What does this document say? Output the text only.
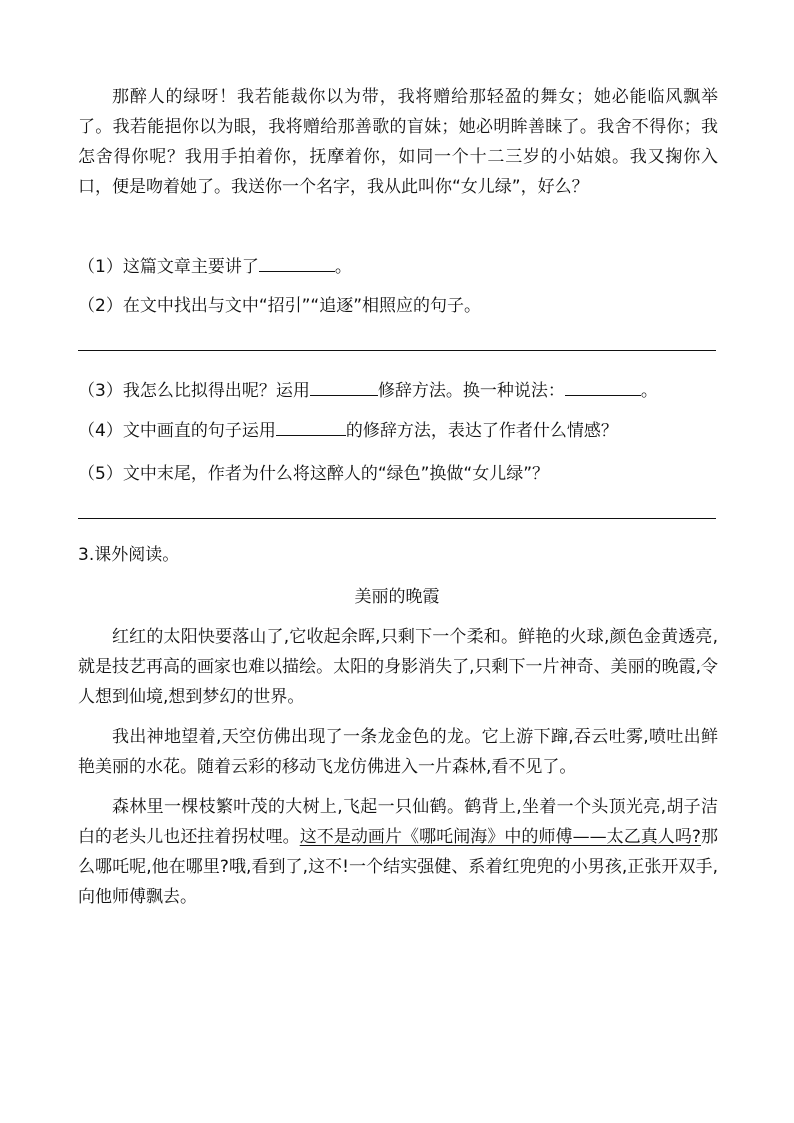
那醉人的绿呀！我若能裁你以为带，我将赠给那轻盈的舞女；她必能临风飘举了。我若能挹你以为眼，我将赠给那善歌的盲妹；她必明眸善睐了。我舍不得你；我怎舍得你呢？我用手拍着你，抚摩着你，如同一个十二三岁的小姑娘。我又掬你入口，便是吻着她了。我送你一个名字，我从此叫你“女儿绿”，好么？

（1）这篇文章主要讲了	。
（2）在文中找出与文中“招引”“追逐”相照应的句子。
（3）我怎么比拟得出呢？运用	修辞方法。换一种说法：	。
（4）文中画直的句子运用	的修辞方法，表达了作者什么情感？
（5）文中末尾，作者为什么将这醉人的“绿色”换做“女儿绿”？
3.课外阅读。
美丽的晚霞

红红的太阳快要落山了,它收起余晖,只剩下一个柔和。鲜艳的火球,颜色金黄透亮,就是技艺再高的画家也难以描绘。太阳的身影消失了,只剩下一片神奇、美丽的晚霞,令人想到仙境,想到梦幻的世界。

我出神地望着,天空仿佛出现了一条龙金色的龙。它上游下蹿,吞云吐雾,喷吐出鲜艳美丽的水花。随着云彩的移动飞龙仿佛进入一片森林,看不见了。

森林里一棵枝繁叶茂的大树上,飞起一只仙鹤。鹤背上,坐着一个头顶光亮,胡子洁白的老头儿也还拄着拐杖哩。这不是动画片《哪吒闹海》中的师傅——太乙真人吗?那么哪吒呢,他在哪里?哦,看到了,这不!一个结实强健、系着红兜兜的小男孩,正张开双手,向他师傅飘去。
